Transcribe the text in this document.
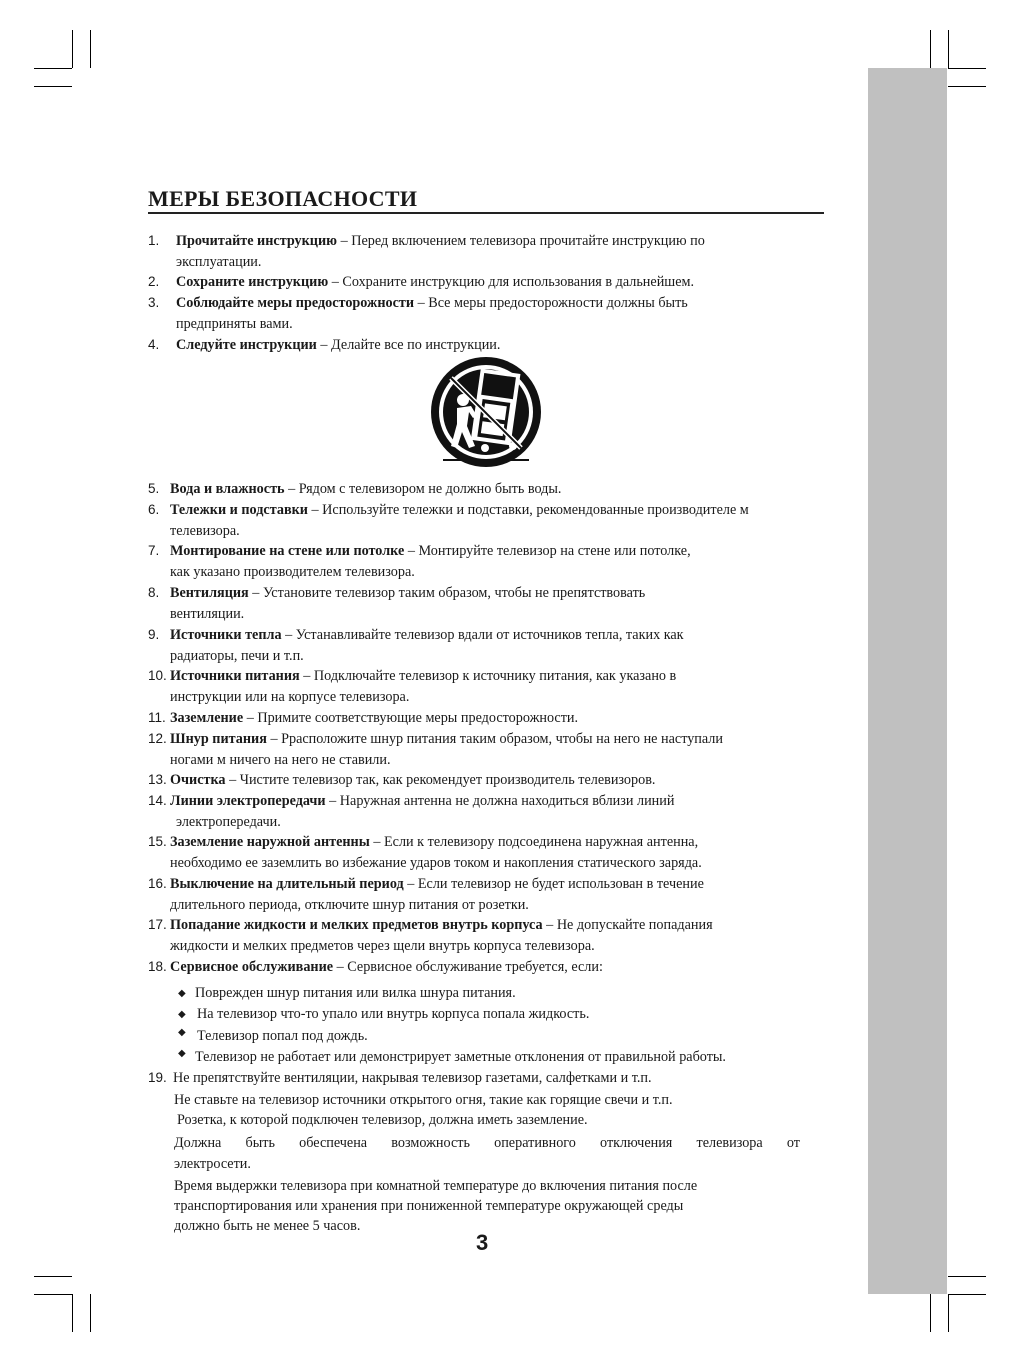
МЕРЫ БЕЗОПАСНОСТИ
1. Прочитайте инструкцию – Перед включением телевизора прочитайте инструкцию по
эксплуатации.
2. Сохраните инструкцию – Сохраните инструкцию для использования в дальнейшем.
3. Соблюдайте меры предосторожности – Все меры предосторожности должны быть
предприняты вами.
4. Следуйте инструкции – Делайте все по инструкции.
5. Вода и влажность – Рядом с телевизором не должно быть воды.
6. Тележки и подставки – Используйте тележки и подставки, рекомендованные производителе м
телевизора.
7. Монтирование на стене или потолке – Монтируйте телевизор на стене или потолке,
как указано производителем телевизора.
8. Вентиляция – Установите телевизор таким образом, чтобы не препятствовать
вентиляции.
9. Источники тепла – Устанавливайте телевизор вдали от источников тепла, таких как
радиаторы, печи и т.п.
10. Источники питания – Подключайте телевизор к источнику питания, как указано в
инструкции или на корпусе телевизора.
11. Заземление – Примите соответствующие меры предосторожности.
12. Шнур питания – Ррасположите шнур питания таким образом, чтобы на него не наступали
ногами м ничего на него не ставили.
13. Очистка – Чистите телевизор так, как рекомендует производитель телевизоров.
14. Линии электропередачи – Наружная антенна не должна находиться вблизи линий
электропередачи.
15. Заземление наружной антенны – Если к телевизору подсоединена наружная антенна,
необходимо ее заземлить во избежание ударов током и накопления статического заряда.
16. Выключение на длительный период – Если телевизор не будет использован в течение
длительного периода, отключите шнур питания от розетки.
17. Попадание жидкости и мелких предметов внутрь корпуса – Не допускайте попадания
жидкости и мелких предметов через щели внутрь корпуса телевизора.
18. Сервисное обслуживание – Сервисное обслуживание требуется, если:
◆ Поврежден шнур питания или вилка шнура питания.
◆ На телевизор что-то упало или внутрь корпуса попала жидкость.
◆ Телевизор попал под дождь.
◆ Телевизор не работает или демонстрирует заметные отклонения от правильной работы.
19. Не препятствуйте вентиляции, накрывая телевизор газетами, салфетками и т.п.
Не ставьте на телевизор источники открытого огня, такие как горящие свечи и т.п.
Розетка, к которой подключен телевизор, должна иметь заземление.
Должна быть обеспечена возможность оперативного отключения телевизора от
электросети.
Время выдержки телевизора при комнатной температуре до включения питания после
транспортирования или хранения при пониженной температуре окружающей среды
должно быть не менее 5 часов.
3
